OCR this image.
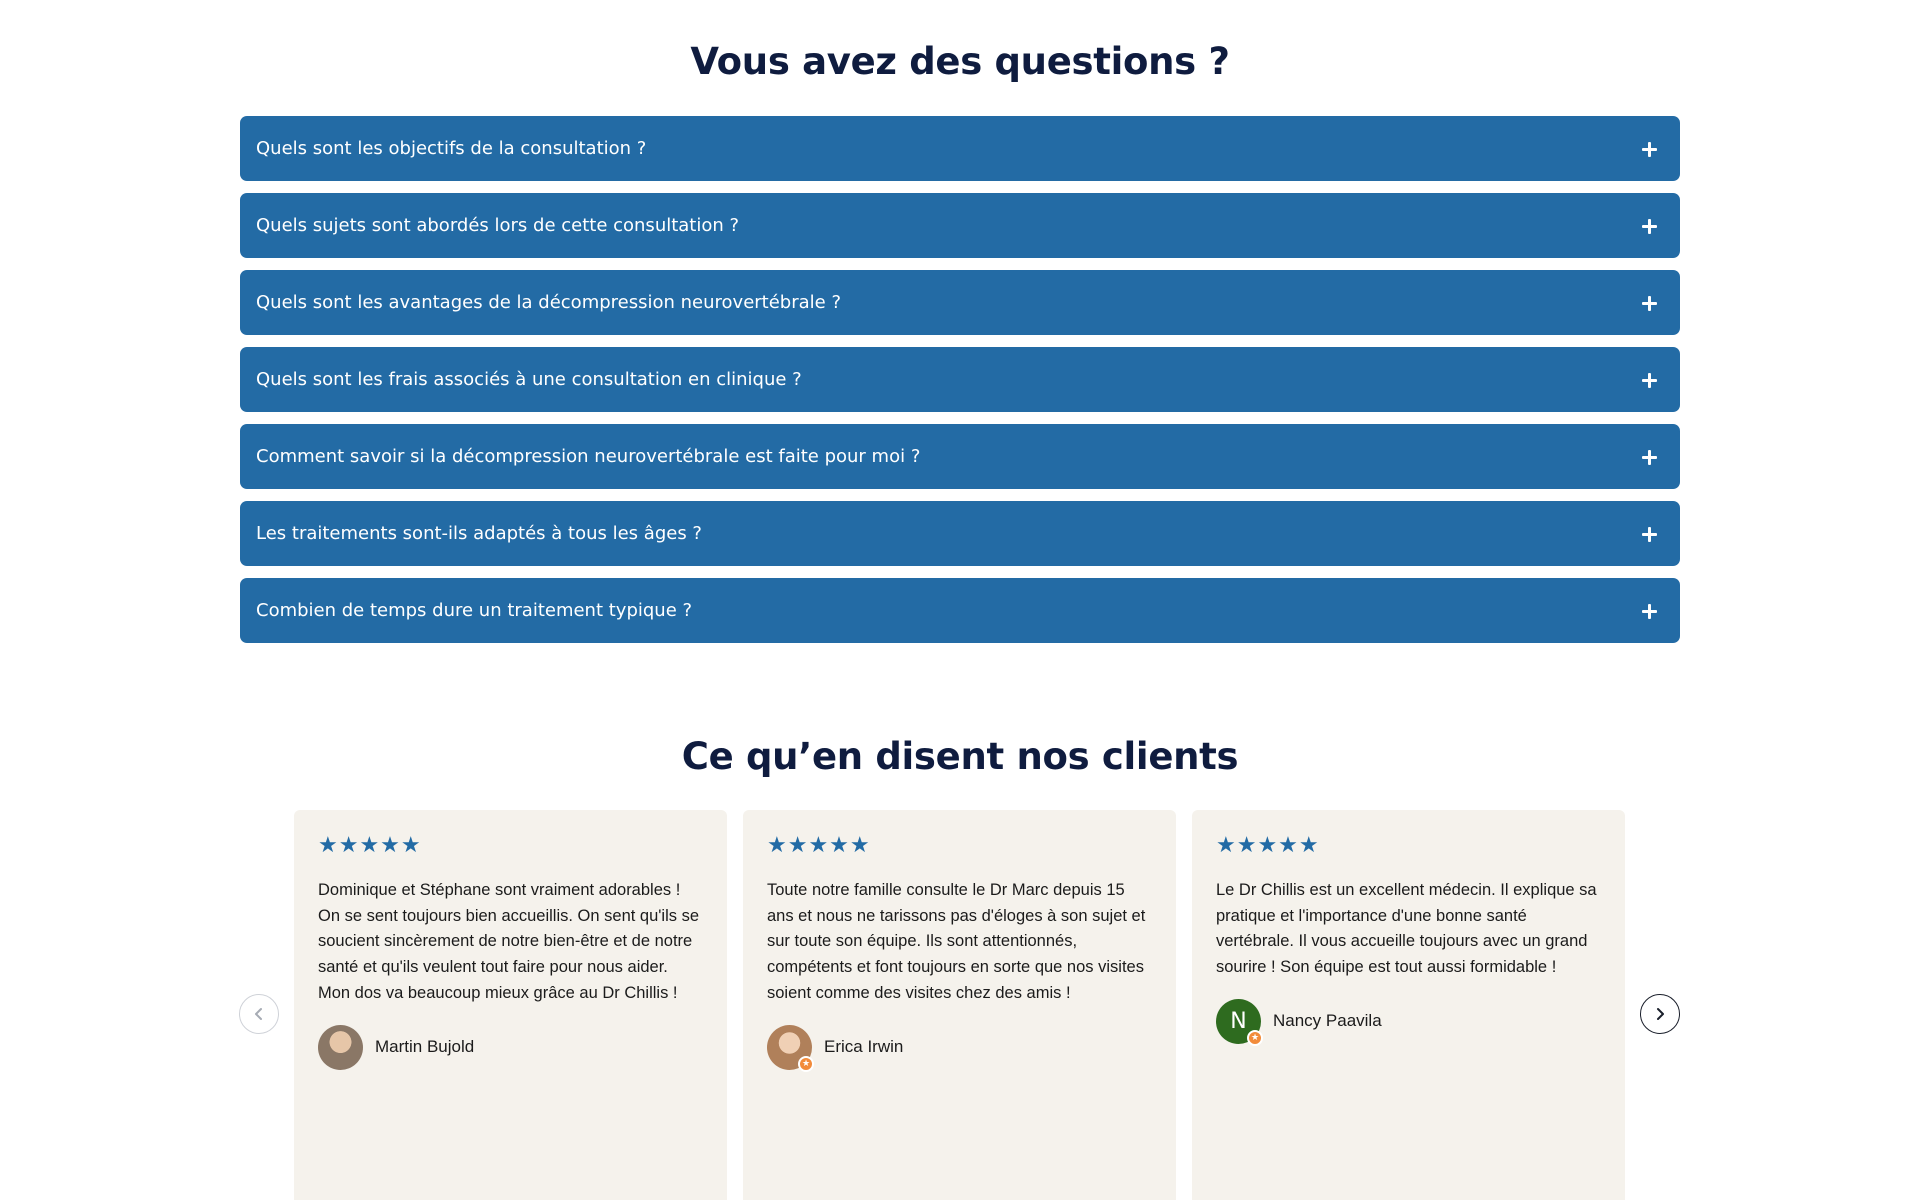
Vous avez des questions ?
Quels sont les objectifs de la consultation ?
Quels sujets sont abordés lors de cette consultation ?
Quels sont les avantages de la décompression neurovertébrale ?
Quels sont les frais associés à une consultation en clinique ?
Comment savoir si la décompression neurovertébrale est faite pour moi ?
Les traitements sont-ils adaptés à tous les âges ?
Combien de temps dure un traitement typique ?
Ce qu’en disent nos clients
★★★★★

Dominique et Stéphane sont vraiment adorables ! On se sent toujours bien accueillis. On sent qu'ils se soucient sincèrement de notre bien-être et de notre santé et qu'ils veulent tout faire pour nous aider. Mon dos va beaucoup mieux grâce au Dr Chillis !

Martin Bujold
★★★★★

Toute notre famille consulte le Dr Marc depuis 15 ans et nous ne tarissons pas d'éloges à son sujet et sur toute son équipe. Ils sont attentionnés, compétents et font toujours en sorte que nos visites soient comme des visites chez des amis !

★
Erica Irwin
★★★★★

Le Dr Chillis est un excellent médecin. Il explique sa pratique et l'importance d'une bonne santé vertébrale. Il vous accueille toujours avec un grand sourire ! Son équipe est tout aussi formidable !

N
★
Nancy Paavila
